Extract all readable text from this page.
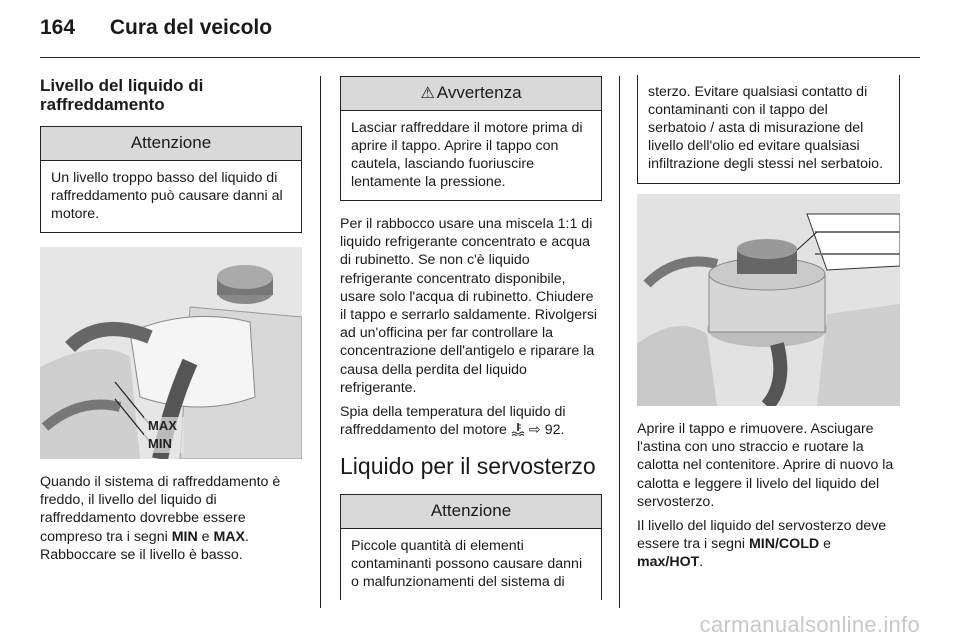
164 Cura del veicolo
Livello del liquido di raffreddamento
Attenzione
Un livello troppo basso del liquido di raffreddamento può causare danni al motore.
MAX
MIN

Quando il sistema di raffreddamento è freddo, il livello del liquido di raffreddamento dovrebbe essere compreso tra i segni MIN e MAX. Rabboccare se il livello è basso.

⚠ Avvertenza
Lasciar raffreddare il motore prima di aprire il tappo. Aprire il tappo con cautela, lasciando fuoriuscire lentamente la pressione.

Per il rabbocco usare una miscela 1:1 di liquido refrigerante concentrato e acqua di rubinetto. Se non c'è liquido refrigerante concentrato disponibile, usare solo l'acqua di rubinetto. Chiudere il tappo e serrarlo saldamente. Rivolgersi ad un'officina per far controllare la concentrazione dell'antigelo e riparare la causa della perdita del liquido refrigerante.

Spia della temperatura del liquido di raffreddamento del motore ⇨ 92.

Liquido per il servosterzo
Attenzione
Piccole quantità di elementi contaminanti possono causare danni o malfunzionamenti del sistema di
sterzo. Evitare qualsiasi contatto di contaminanti con il tappo del serbatoio / asta di misurazione del livello dell'olio ed evitare qualsiasi infiltrazione degli stessi nel serbatoio.

Aprire il tappo e rimuovere. Asciugare l'astina con uno straccio e ruotare la calotta nel contenitore. Aprire di nuovo la calotta e leggere il livelo del liquido del servosterzo.

Il livello del liquido del servosterzo deve essere tra i segni MIN/COLD e max/HOT.

carmanualsonline.info
